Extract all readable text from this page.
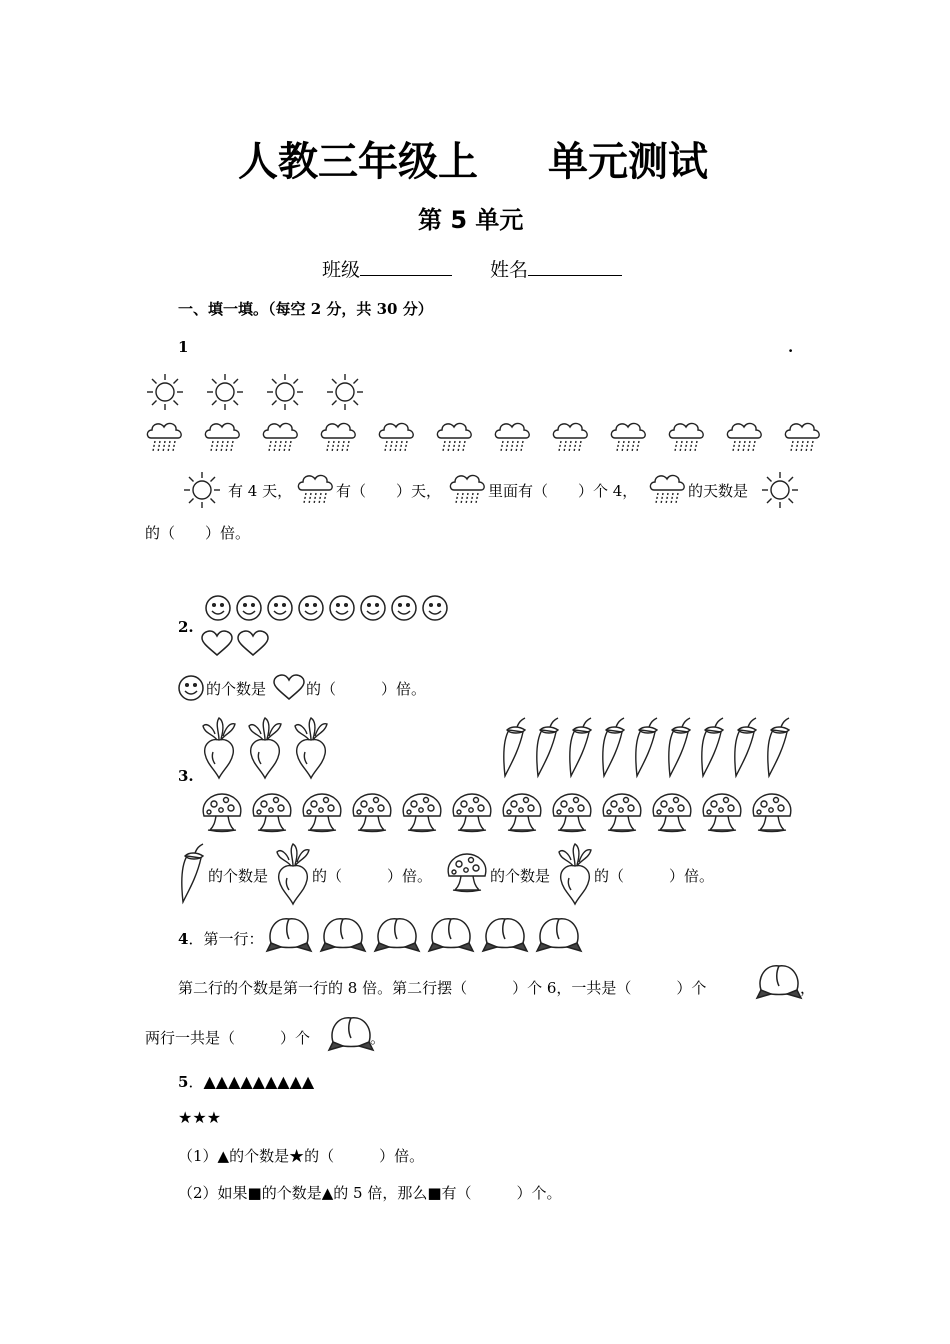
人教三年级上 单元测试
第 5 单元
班级	姓名
一、填一填。（每空 2 分，共 30 分）
1	.
有 4 天，	有（　　）天，	里面有（　　）个 4，	的天数是
的（　　）倍。
2.
的个数是	的（　　　）倍。
3.
的个数是	的（　　　）倍。	的个数是	的（　　　）倍。
4．第一行：
第二行的个数是第一行的 8 倍。第二行摆（　　　）个 6，一共是（　　　）个	，
两行一共是（　　　）个	。
5．▲▲▲▲▲▲▲▲▲
★★★
（1）▲的个数是★的（　　　）倍。
（2）如果■的个数是▲的 5 倍，那么■有（　　　）个。
